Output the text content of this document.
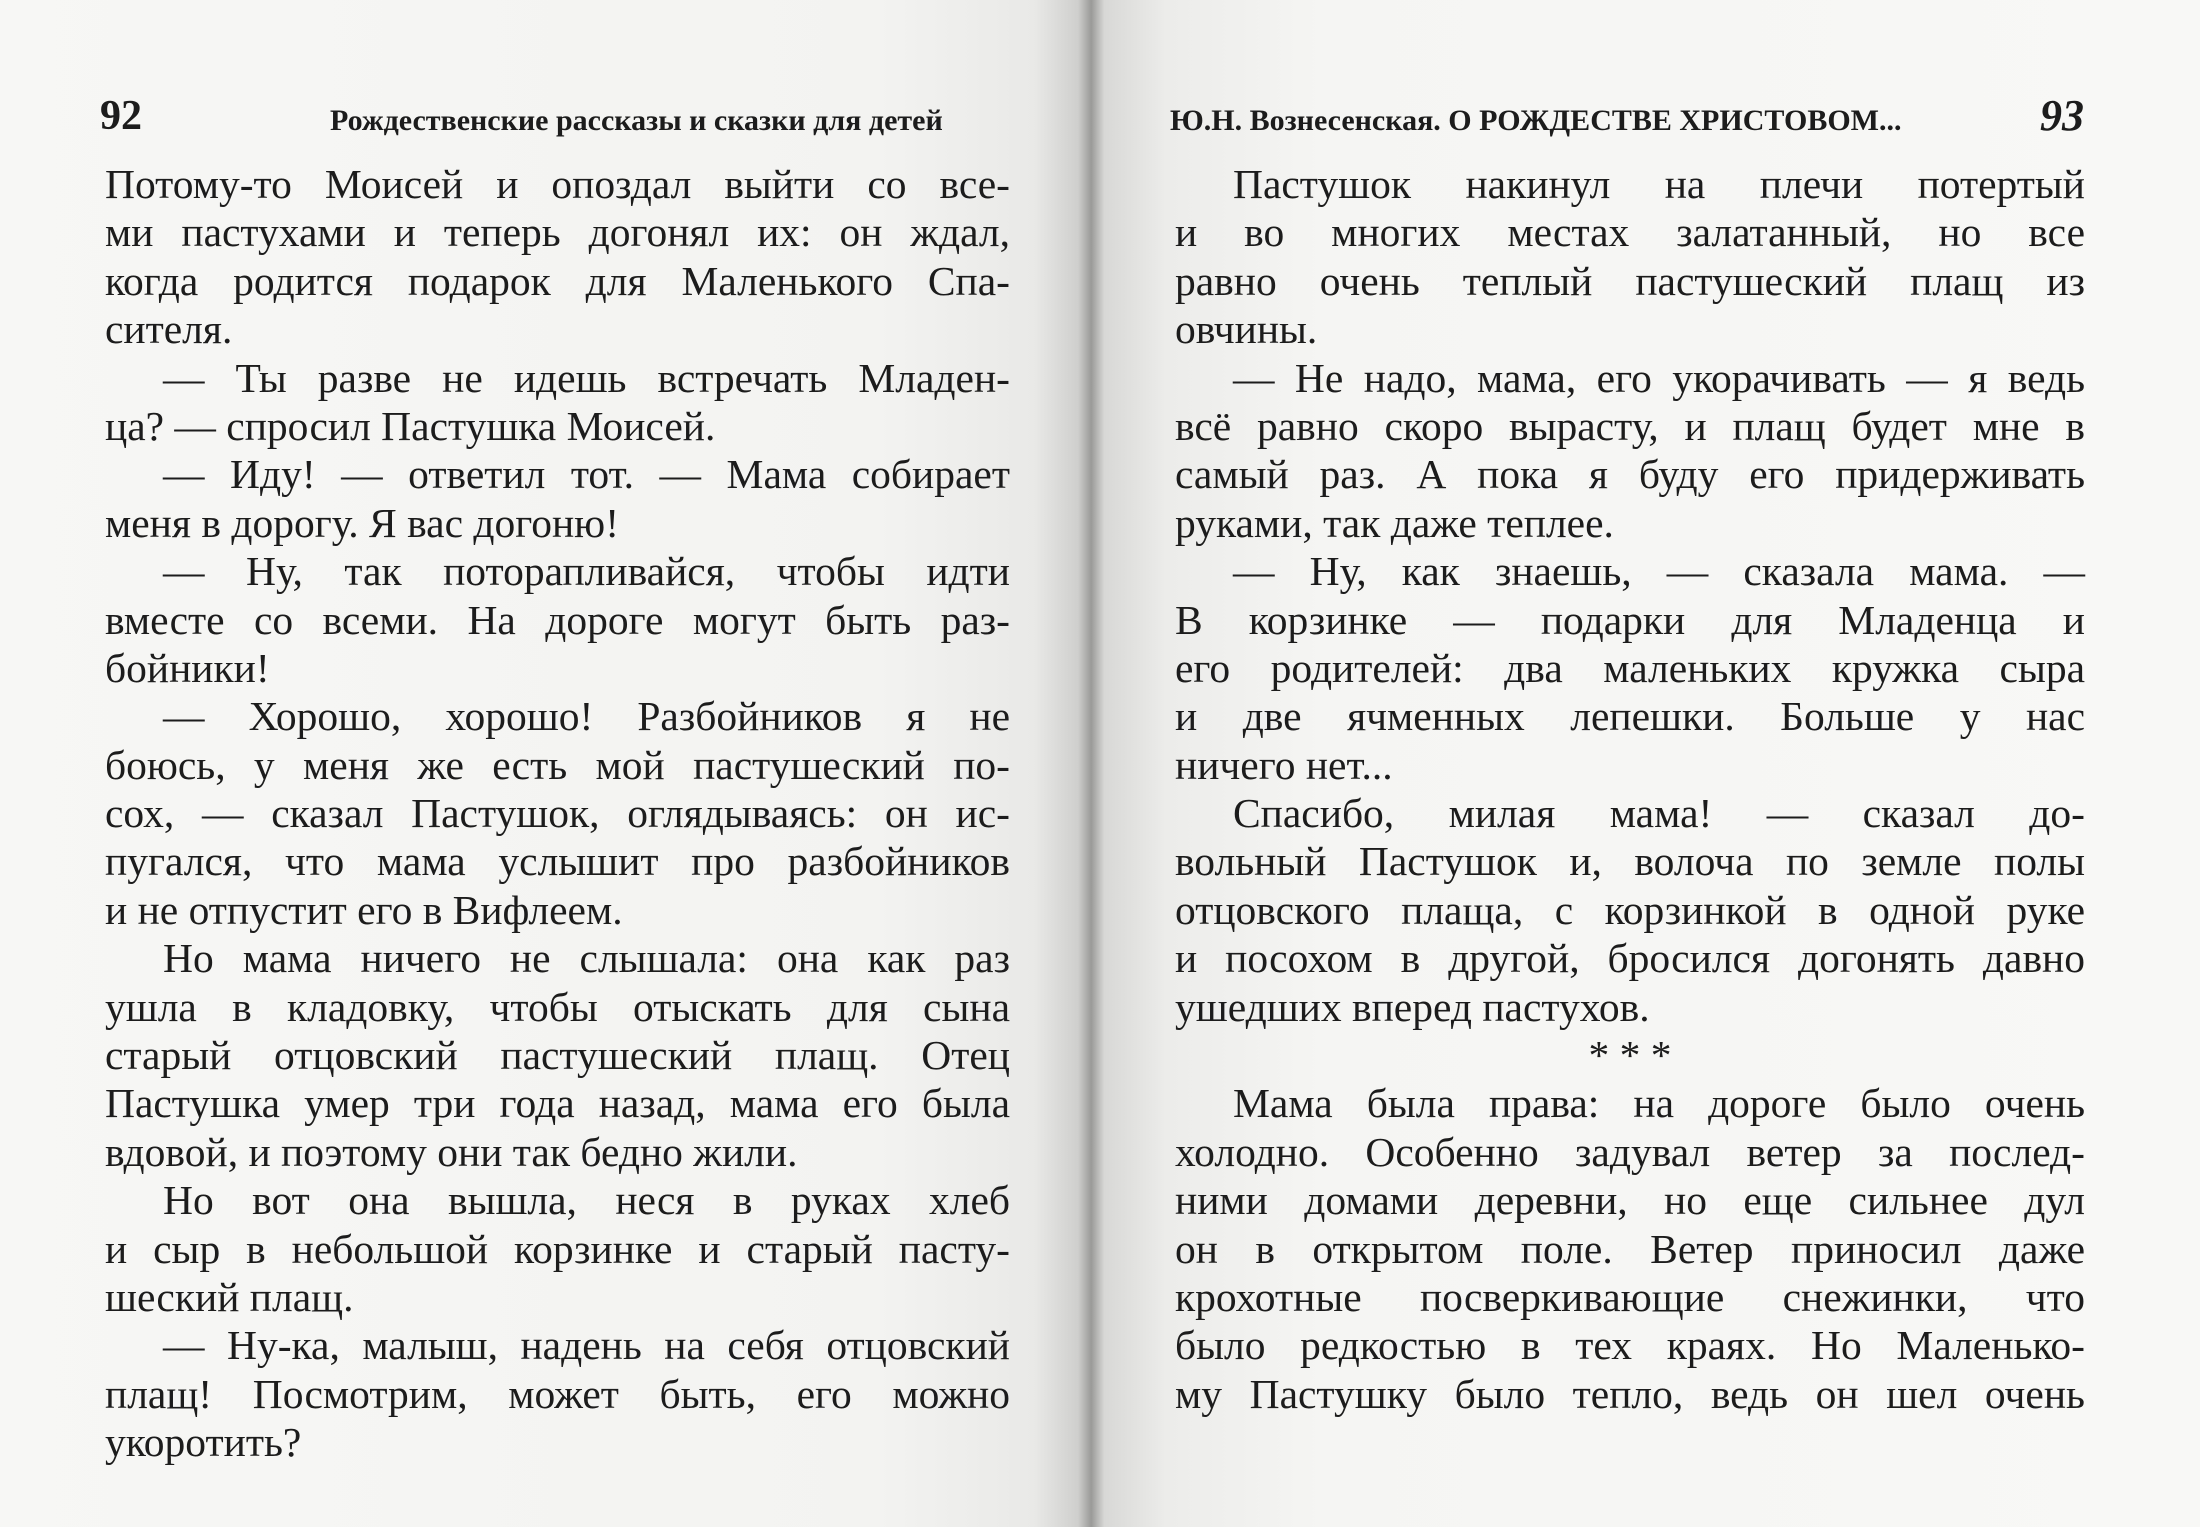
92	Рождественские рассказы и сказки для детей
Потому-то Моисей и опоздал выйти со все-
ми пастухами и теперь догонял их: он ждал,
когда родится подарок для Маленького Спа-
сителя.
— Ты разве не идешь встречать Младен-
ца? — спросил Пастушка Моисей.
— Иду! — ответил тот. — Мама собирает
меня в дорогу. Я вас догоню!
— Ну, так поторапливайся, чтобы идти
вместе со всеми. На дороге могут быть раз-
бойники!
— Хорошо, хорошо! Разбойников я не
боюсь, у меня же есть мой пастушеский по-
сох, — сказал Пастушок, оглядываясь: он ис-
пугался, что мама услышит про разбойников
и не отпустит его в Вифлеем.
Но мама ничего не слышала: она как раз
ушла в кладовку, чтобы отыскать для сына
старый отцовский пастушеский плащ. Отец
Пастушка умер три года назад, мама его была
вдовой, и поэтому они так бедно жили.
Но вот она вышла, неся в руках хлеб
и сыр в небольшой корзинке и старый пасту-
шеский плащ.
— Ну-ка, малыш, надень на себя отцовский
плащ! Посмотрим, может быть, его можно
укоротить?
Ю.Н. Вознесенская. О РОЖДЕСТВЕ ХРИСТОВОМ...	93
Пастушок накинул на плечи потертый
и во многих местах залатанный, но все
равно очень теплый пастушеский плащ из
овчины.
— Не надо, мама, его укорачивать — я ведь
всё равно скоро вырасту, и плащ будет мне в
самый раз. А пока я буду его придерживать
руками, так даже теплее.
— Ну, как знаешь, — сказала мама. —
В корзинке — подарки для Младенца и
его родителей: два маленьких кружка сыра
и две ячменных лепешки. Больше у нас
ничего нет...
Спасибо, милая мама! — сказал до-
вольный Пастушок и, волоча по земле полы
отцовского плаща, с корзинкой в одной руке
и посохом в другой, бросился догонять давно
ушедших вперед пастухов.
* * *
Мама была права: на дороге было очень
холодно. Особенно задувал ветер за послед-
ними домами деревни, но еще сильнее дул
он в открытом поле. Ветер приносил даже
крохотные посверкивающие снежинки, что
было редкостью в тех краях. Но Маленько-
му Пастушку было тепло, ведь он шел очень
